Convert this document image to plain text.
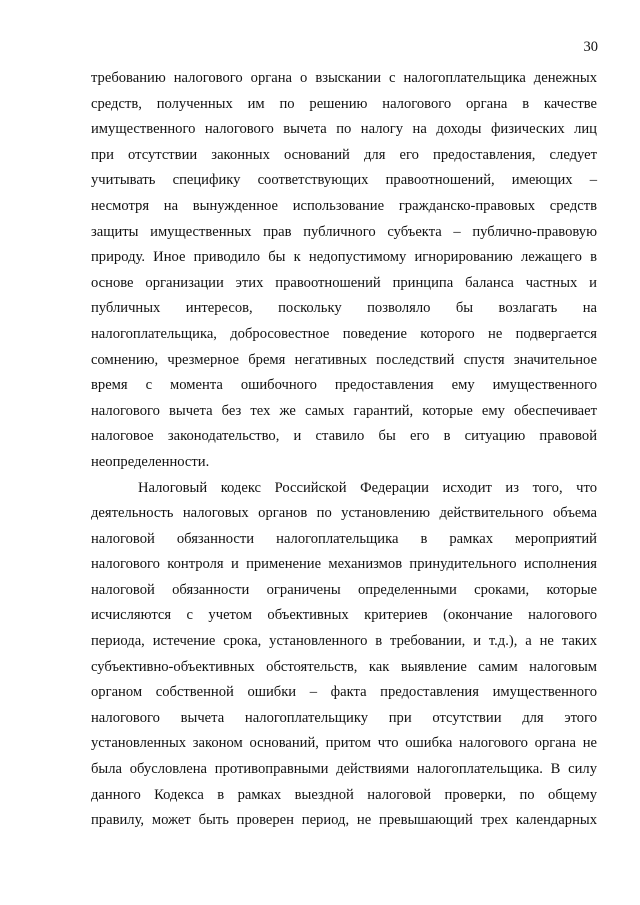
30
требованию налогового органа о взыскании с налогоплательщика денежных
средств, полученных им по решению налогового органа в качестве
имущественного налогового вычета по налогу на доходы физических лиц
при отсутствии законных оснований для его предоставления, следует
учитывать специфику соответствующих правоотношений, имеющих –
несмотря на вынужденное использование гражданско-правовых средств
защиты имущественных прав публичного субъекта – публично-правовую
природу. Иное приводило бы к недопустимому игнорированию лежащего в
основе организации этих правоотношений принципа баланса частных и
публичных интересов, поскольку позволяло бы возлагать на
налогоплательщика, добросовестное поведение которого не подвергается
сомнению, чрезмерное бремя негативных последствий спустя значительное
время с момента ошибочного предоставления ему имущественного
налогового вычета без тех же самых гарантий, которые ему обеспечивает
налоговое законодательство, и ставило бы его в ситуацию правовой
неопределенности.
Налоговый кодекс Российской Федерации исходит из того, что
деятельность налоговых органов по установлению действительного объема
налоговой обязанности налогоплательщика в рамках мероприятий
налогового контроля и применение механизмов принудительного исполнения
налоговой обязанности ограничены определенными сроками, которые
исчисляются с учетом объективных критериев (окончание налогового
периода, истечение срока, установленного в требовании, и т.д.), а не таких
субъективно-объективных обстоятельств, как выявление самим налоговым
органом собственной ошибки – факта предоставления имущественного
налогового вычета налогоплательщику при отсутствии для этого
установленных законом оснований, притом что ошибка налогового органа не
была обусловлена противоправными действиями налогоплательщика. В силу
данного Кодекса в рамках выездной налоговой проверки, по общему
правилу, может быть проверен период, не превышающий трех календарных
